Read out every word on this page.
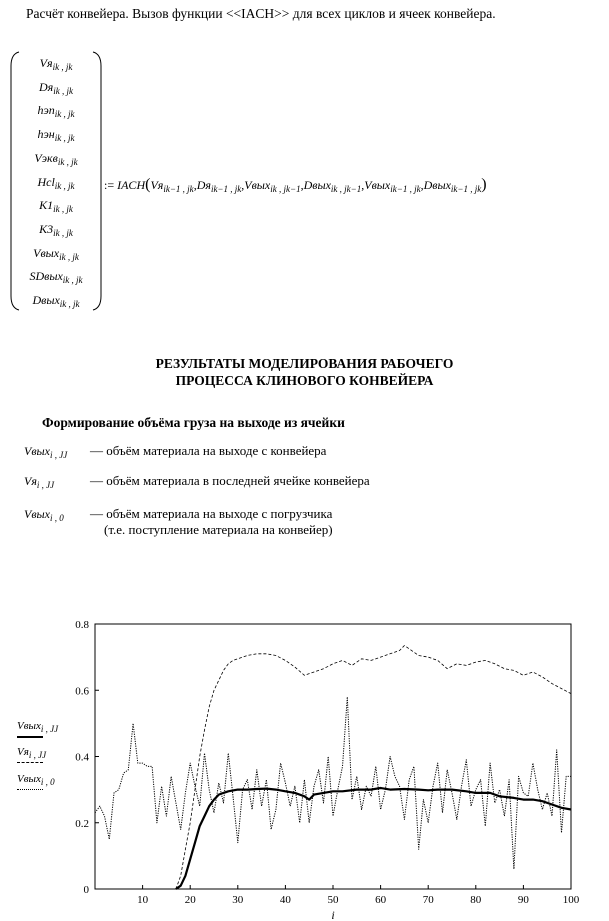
Расчёт конвейера. Вызов функции <<IACH>> для всех циклов и ячеек конвейера.
$Vя_{ik , jk}$
$Dя_{ik , jk}$
hэп$_{ik , jk}$
hэн$_{ik , jk}$
Vэкв$_{ik , jk}$
Hcl$_{ik , jk}$
$K1_{ik , jk}$
$K3_{ik , jk}$
Vвых$_{ik , jk}$
SDвых$_{ik , jk}$
Dвых$_{ik , jk}$
:= $IACH(Vя_{ik-1 , jk},Dя_{ik-1 , jk},Vвых_{ik , jk-1},Dвых_{ik , jk-1},Vвых_{ik-1 , jk},Dвых_{ik-1 , jk})$
РЕЗУЛЬТАТЫ МОДЕЛИРОВАНИЯ РАБОЧЕГО
ПРОЦЕССА КЛИНОВОГО КОНВЕЙЕРА
Формирование объёма груза на выходе из ячейки
Vвых$_{i , JJ}$ — объём материала на выходе с конвейера
$Vя_{i , JJ}$	— объём материала в последней ячейке конвейера
Vвых$_{i , 0}$ — объём материала на выходе с погрузчика
(т.е. поступление материала на конвейер)
10	20	30	40	50	60	70	80	90	100
0
0.2
0.4
0.6
0.8
i
Vвых$_{i , JJ}$
$Vя_{i , JJ}$
Vвых$_{i , 0}$
